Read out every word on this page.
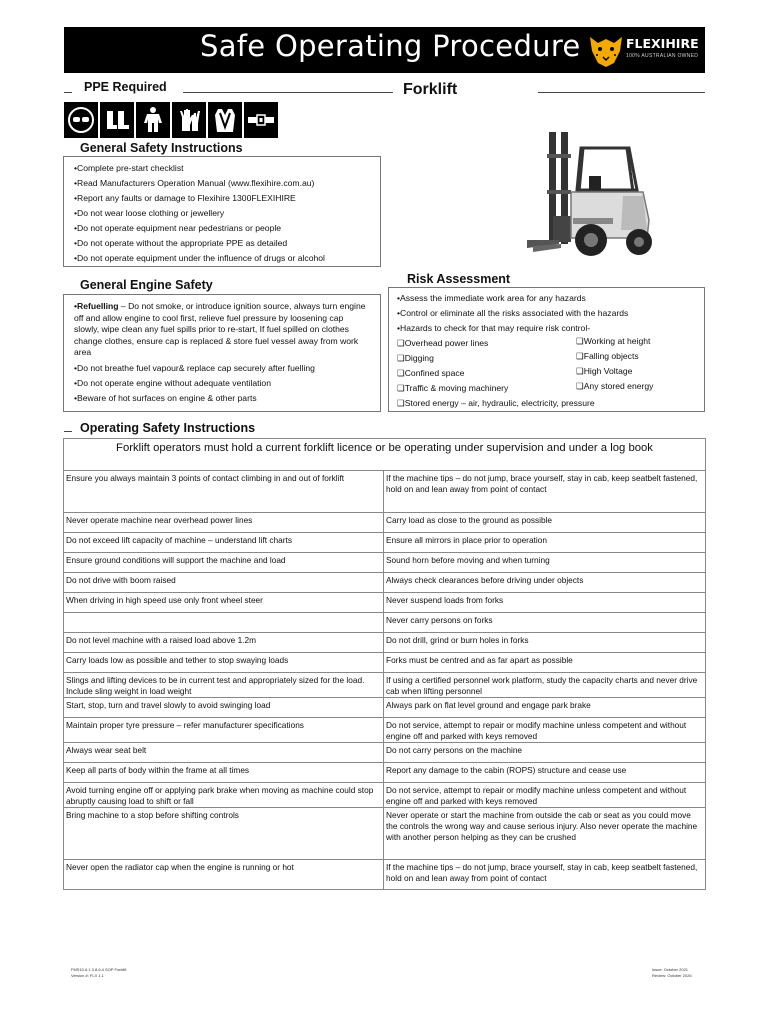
Safe Operating Procedure	FLEXIHIRE
100% AUSTRALIAN OWNED
PPE Required	Forklift
General Safety Instructions
•Complete pre-start checklist
•Read Manufacturers Operation Manual (www.flexihire.com.au)
•Report any faults or damage to Flexihire 1300FLEXIHIRE
•Do not wear loose clothing or jewellery
•Do not operate equipment near pedestrians or people
•Do not operate without the appropriate PPE as detailed
•Do not operate equipment under the influence of drugs or alcohol
General Engine Safety
•Refuelling – Do not smoke, or introduce ignition source, always turn engine off and allow engine to cool first, relieve fuel pressure by loosening cap slowly, wipe clean any fuel spills prior to re-start, If fuel spilled on clothes change clothes, ensure cap is replaced & store fuel vessel away from work area
•Do not breathe fuel vapour& replace cap securely after fuelling
•Do not operate engine without adequate ventilation
•Beware of hot surfaces on engine & other parts
Risk Assessment
•Assess the immediate work area for any hazards
•Control or eliminate all the risks associated with the hazards
•Hazards to check for that may require risk control-
❑Overhead power lines
❑Digging
❑Confined space
❑Traffic & moving machinery
❑Working at height
❑Falling objects
❑High Voltage
❑Any stored energy
❑Stored energy – air, hydraulic, electricity, pressure
Operating Safety Instructions
Forklift operators must hold a current forklift licence or be operating under supervision and under a log book	
Ensure you always maintain 3 points of contact climbing in and out of forklift	If the machine tips – do not jump, brace yourself, stay in cab, keep seatbelt fastened, hold on and lean away from point of contact
Never operate machine near overhead power lines	Carry load as close to the ground as possible
Do not exceed lift capacity of machine – understand lift charts	Ensure all mirrors in place prior to operation
Ensure ground conditions will support the machine and load	Sound horn before moving and when turning
Do not drive with boom raised	Always check clearances before driving under objects
When driving in high speed use only front wheel steer	Never suspend loads from forks
	Never carry persons on forks
Do not level machine with a raised load above 1.2m	Do not drill, grind or burn holes in forks
Carry loads low as possible and tether to stop swaying loads	Forks must be centred and as far apart as possible
Slings and lifting devices to be in current test and appropriately sized for the load. Include sling weight in load weight	If using a certified personnel work platform, study the capacity charts and never drive cab when lifting personnel
Start, stop, turn and travel slowly to avoid swinging load	Always park on flat level ground and engage park brake
Maintain proper tyre pressure – refer manufacturer specifications	Do not service, attempt to repair or modify machine unless competent and without engine off and parked with keys removed
Always wear seat belt	Do not carry persons on the machine
Keep all parts of body within the frame at all times	Report any damage to the cabin (ROPS) structure and cease use
Avoid turning engine off or applying park brake when moving as machine could stop abruptly causing load to shift or fall	Do not service, attempt to repair or modify machine unless competent and without engine off and parked with keys removed
Bring machine to a stop before shifting controls	Never operate or start the machine from outside the cab or seat as you could move the controls the wrong way and cause serious injury. Also never operate the machine with another person helping as they can be crushed
Never open the radiator cap when the engine is running or hot	If the machine tips – do not jump, brace yourself, stay in cab, keep seatbelt fastened, hold on and lean away from point of contact
FMS10.6.1.3.8.6.4 SOP Forklift
Version #: FLX 1.1
Issue: October 2021
Review: October 2026
